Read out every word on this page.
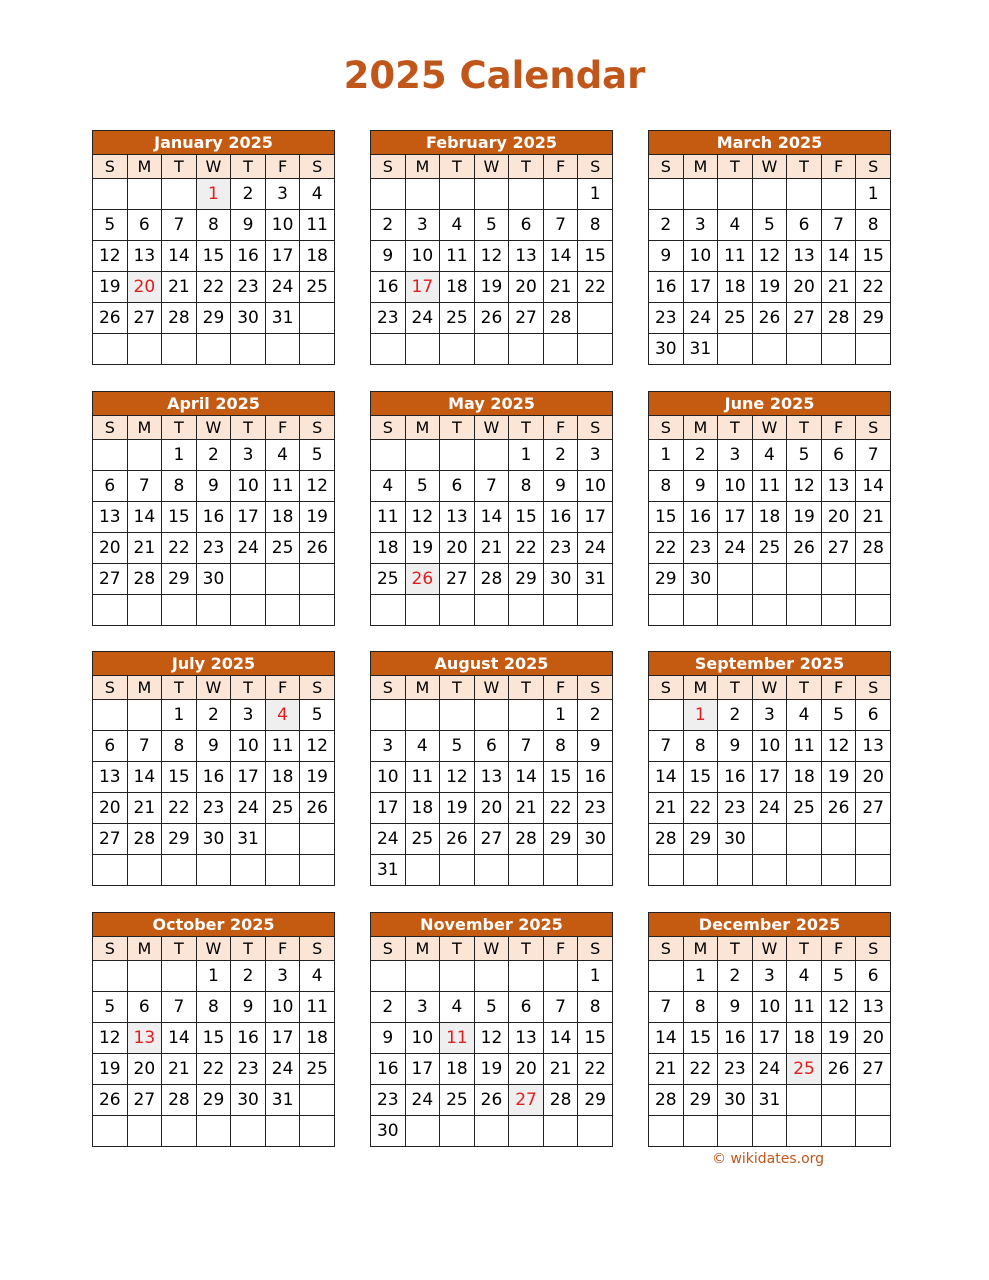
2025 Calendar
January 2025
S	M	T	W	T	F	S
			1	2	3	4
5	6	7	8	9	10	11
12	13	14	15	16	17	18
19	20	21	22	23	24	25
26	27	28	29	30	31	

February 2025
S	M	T	W	T	F	S
						1
2	3	4	5	6	7	8
9	10	11	12	13	14	15
16	17	18	19	20	21	22
23	24	25	26	27	28	

March 2025
S	M	T	W	T	F	S
						1
2	3	4	5	6	7	8
9	10	11	12	13	14	15
16	17	18	19	20	21	22
23	24	25	26	27	28	29
30	31					
April 2025
S	M	T	W	T	F	S
		1	2	3	4	5
6	7	8	9	10	11	12
13	14	15	16	17	18	19
20	21	22	23	24	25	26
27	28	29	30			

May 2025
S	M	T	W	T	F	S
				1	2	3
4	5	6	7	8	9	10
11	12	13	14	15	16	17
18	19	20	21	22	23	24
25	26	27	28	29	30	31

June 2025
S	M	T	W	T	F	S
1	2	3	4	5	6	7
8	9	10	11	12	13	14
15	16	17	18	19	20	21
22	23	24	25	26	27	28
29	30					

July 2025
S	M	T	W	T	F	S
		1	2	3	4	5
6	7	8	9	10	11	12
13	14	15	16	17	18	19
20	21	22	23	24	25	26
27	28	29	30	31		

August 2025
S	M	T	W	T	F	S
					1	2
3	4	5	6	7	8	9
10	11	12	13	14	15	16
17	18	19	20	21	22	23
24	25	26	27	28	29	30
31						
September 2025
S	M	T	W	T	F	S
	1	2	3	4	5	6
7	8	9	10	11	12	13
14	15	16	17	18	19	20
21	22	23	24	25	26	27
28	29	30				

October 2025
S	M	T	W	T	F	S
			1	2	3	4
5	6	7	8	9	10	11
12	13	14	15	16	17	18
19	20	21	22	23	24	25
26	27	28	29	30	31	

November 2025
S	M	T	W	T	F	S
						1
2	3	4	5	6	7	8
9	10	11	12	13	14	15
16	17	18	19	20	21	22
23	24	25	26	27	28	29
30						
December 2025
S	M	T	W	T	F	S
	1	2	3	4	5	6
7	8	9	10	11	12	13
14	15	16	17	18	19	20
21	22	23	24	25	26	27
28	29	30	31			

© wikidates.org
